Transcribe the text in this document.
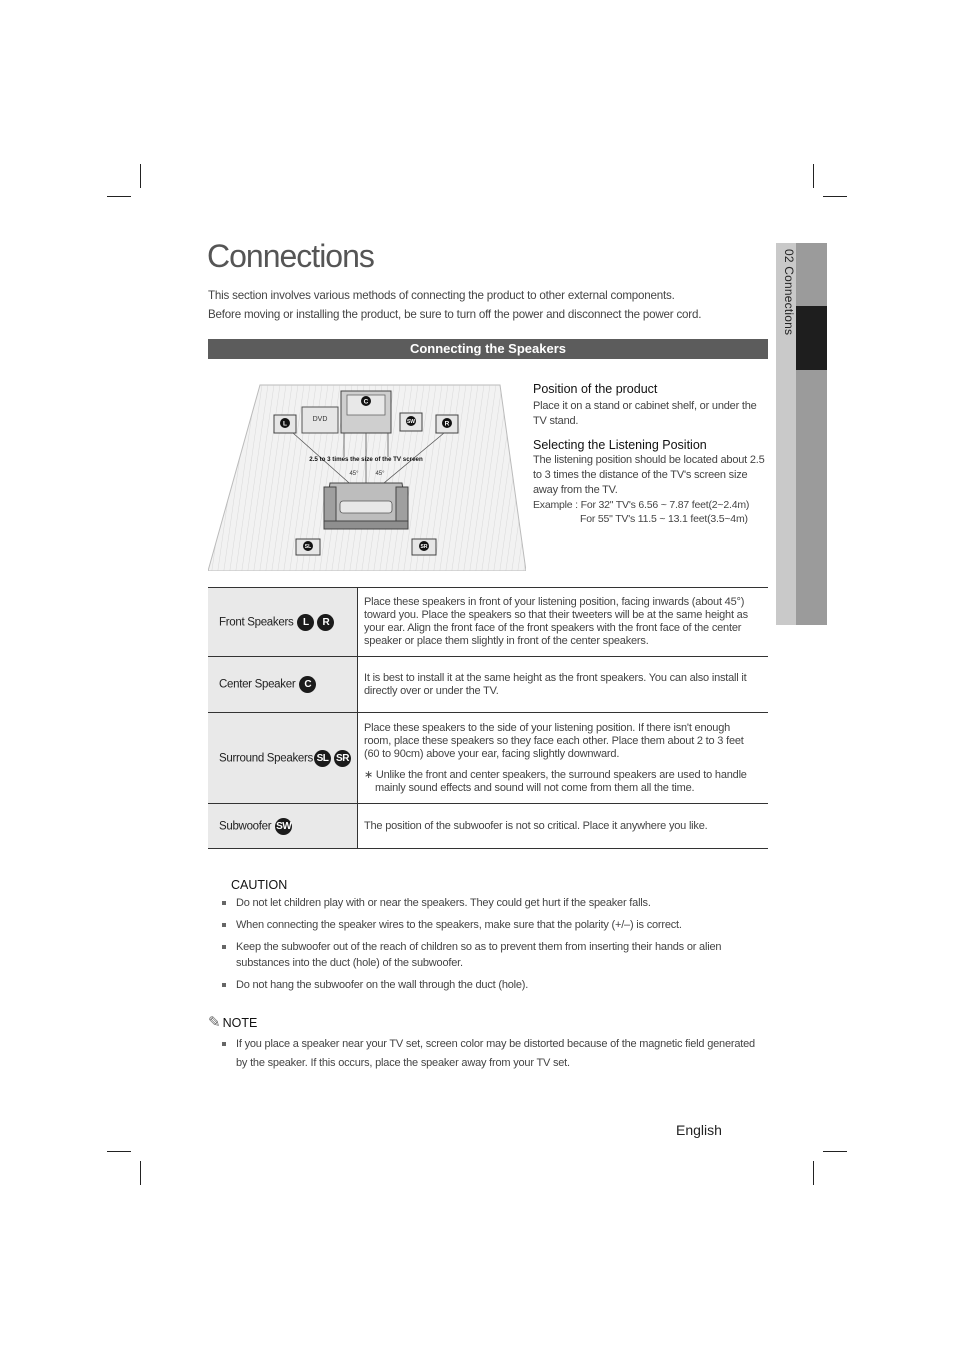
02 Connections
Connections
This section involves various methods of connecting the product to other external components.
Before moving or installing the product, be sure to turn off the power and disconnect the power cord.
Connecting the Speakers
DVD
C
L	SW	R
2.5 to 3 times the size of the TV screen
45°	45°
SL	SR
Position of the product

Place it on a stand or cabinet shelf, or under the TV stand.

Selecting the Listening Position

The listening position should be located about 2.5 to 3 times the distance of the TV's screen size away from the TV.

Example : For 32" TV's 6.56 ~ 7.87 feet(2~2.4m)
For 55" TV's 11.5 ~ 13.1 feet(3.5~4m)
Front Speakers L R	Place these speakers in front of your listening position, facing inwards (about 45°) toward you. Place the speakers so that their tweeters will be at the same height as your ear. Align the front face of the front speakers with the front face of the center speaker or place them slightly in front of the center speakers.
Center Speaker C	It is best to install it at the same height as the front speakers. You can also install it directly over or under the TV.
Surround Speakers SL SR	Place these speakers to the side of your listening position. If there isn't enough room, place these speakers so they face each other. Place them about 2 to 3 feet (60 to 90cm) above your ear, facing slightly downward.
∗ Unlike the front and center speakers, the surround speakers are used to handle mainly sound effects and sound will not come from them all the time.

Subwoofer SW	The position of the subwoofer is not so critical. Place it anywhere you like.
CAUTION
Do not let children play with or near the speakers. They could get hurt if the speaker falls.
When connecting the speaker wires to the speakers, make sure that the polarity (+/–) is correct.
Keep the subwoofer out of the reach of children so as to prevent them from inserting their hands or alien substances into the duct (hole) of the subwoofer.
Do not hang the subwoofer on the wall through the duct (hole).
✎ NOTE
If you place a speaker near your TV set, screen color may be distorted because of the magnetic field generated by the speaker. If this occurs, place the speaker away from your TV set.
English
